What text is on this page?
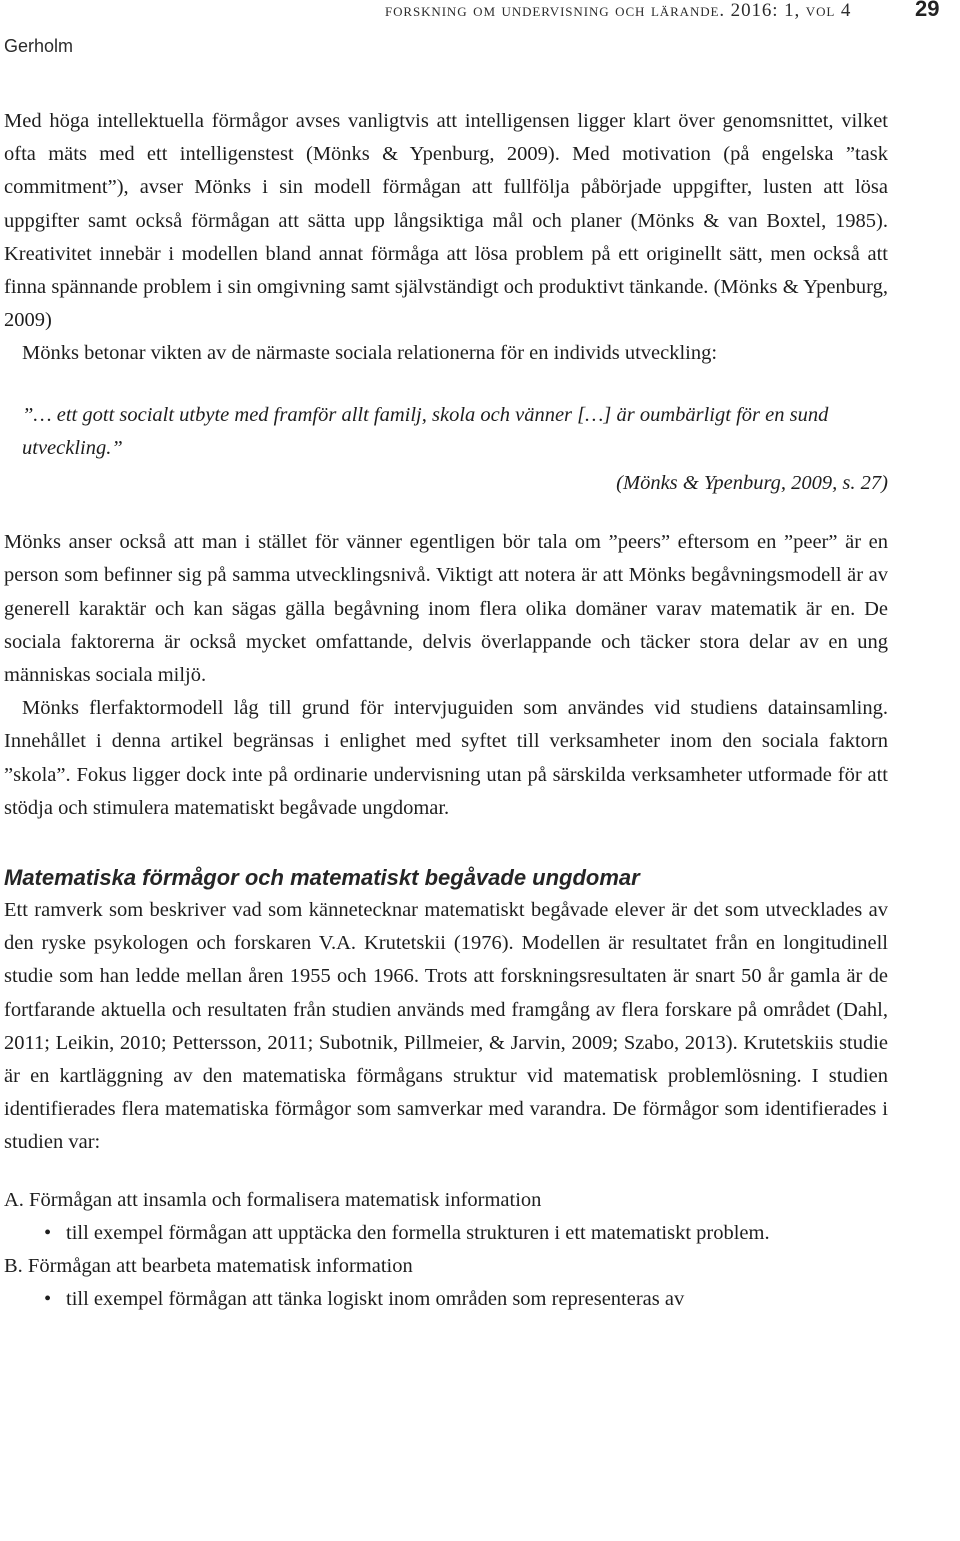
forskning om undervisning och lärande. 2016: 1, vol 4	29
Gerholm

Med höga intellektuella förmågor avses vanligtvis att intelligensen ligger klart över genomsnittet, vilket ofta mäts med ett intelligenstest (Mönks & Ypenburg, 2009). Med motivation (på engelska ”task commitment”), avser Mönks i sin modell förmågan att fullfölja påbörjade uppgifter, lusten att lösa uppgifter samt också förmågan att sätta upp långsiktiga mål och planer (Mönks & van Boxtel, 1985). Kreativitet innebär i modellen bland annat förmåga att lösa problem på ett originellt sätt, men också att finna spännande problem i sin omgivning samt självständigt och produktivt tänkande. (Mönks & Ypenburg, 2009)

Mönks betonar vikten av de närmaste sociala relationerna för en individs utveckling:

”… ett gott socialt utbyte med framför allt familj, skola och vänner […] är oumbärligt för en sund utveckling.”
(Mönks & Ypenburg, 2009, s. 27)

Mönks anser också att man i stället för vänner egentligen bör tala om ”peers” eftersom en ”peer” är en person som befinner sig på samma utvecklingsnivå. Viktigt att notera är att Mönks begåvningsmodell är av generell karaktär och kan sägas gälla begåvning inom flera olika domäner varav matematik är en. De sociala faktorerna är också mycket omfattande, delvis överlappande och täcker stora delar av en ung människas sociala miljö.

Mönks flerfaktormodell låg till grund för intervjuguiden som användes vid studiens datainsamling. Innehållet i denna artikel begränsas i enlighet med syftet till verksamheter inom den sociala faktorn ”skola”. Fokus ligger dock inte på ordinarie undervisning utan på särskilda verksamheter utformade för att stödja och stimulera matematiskt begåvade ungdomar.

Matematiska förmågor och matematiskt begåvade ungdomar

Ett ramverk som beskriver vad som kännetecknar matematiskt begåvade elever är det som utvecklades av den ryske psykologen och forskaren V.A. Krutetskii (1976). Modellen är resultatet från en longitudinell studie som han ledde mellan åren 1955 och 1966. Trots att forskningsresultaten är snart 50 år gamla är de fortfarande aktuella och resultaten från studien används med framgång av flera forskare på området (Dahl, 2011; Leikin, 2010; Pettersson, 2011; Subotnik, Pillmeier, & Jarvin, 2009; Szabo, 2013). Krutetskiis studie är en kartläggning av den matematiska förmågans struktur vid matematisk problemlösning. I studien identifierades flera matematiska förmågor som samverkar med varandra. De förmågor som identifierades i studien var:

A. Förmågan att insamla och formalisera matematisk information

• till exempel förmågan att upptäcka den formella strukturen i ett matematiskt problem.

B. Förmågan att bearbeta matematisk information

• till exempel förmågan att tänka logiskt inom områden som representeras av
